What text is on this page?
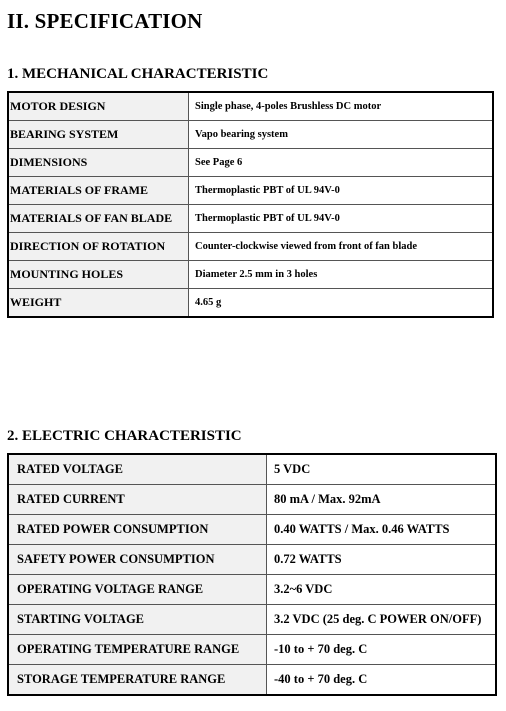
II. SPECIFICATION
1. MECHANICAL CHARACTERISTIC
MOTOR DESIGN	Single phase, 4-poles Brushless DC motor
BEARING SYSTEM	Vapo bearing system
DIMENSIONS	See Page 6
MATERIALS OF FRAME	Thermoplastic PBT of UL 94V-0
MATERIALS OF FAN BLADE	Thermoplastic PBT of UL 94V-0
DIRECTION OF ROTATION	Counter-clockwise viewed from front of fan blade
MOUNTING HOLES	Diameter 2.5 mm in 3 holes
WEIGHT	4.65 g
2. ELECTRIC CHARACTERISTIC
RATED VOLTAGE	5 VDC
RATED CURRENT	80 mA / Max. 92mA
RATED POWER CONSUMPTION	0.40 WATTS / Max. 0.46 WATTS
SAFETY POWER CONSUMPTION	0.72 WATTS
OPERATING VOLTAGE RANGE	3.2~6 VDC
STARTING VOLTAGE	3.2 VDC (25 deg. C POWER ON/OFF)
OPERATING TEMPERATURE RANGE	-10 to + 70 deg. C
STORAGE TEMPERATURE RANGE	-40 to + 70 deg. C
